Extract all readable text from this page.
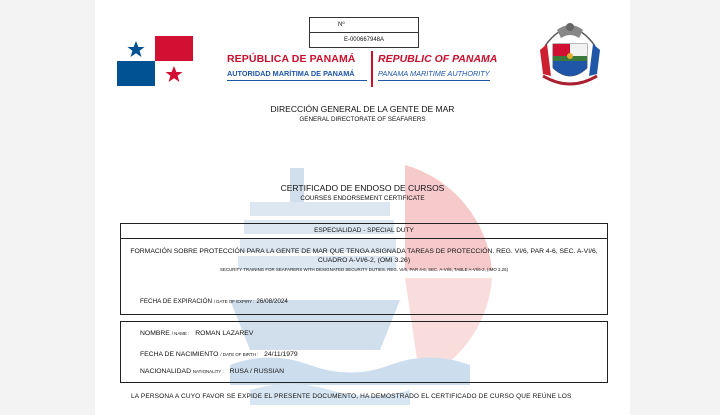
Nº
E-000667948A
REPÚBLICA DE PANAMÁ REPUBLIC OF PANAMA
AUTORIDAD MARÍTIMA DE PANAMÁ	PANAMA MARITIME AUTHORITY
DIRECCIÓN GENERAL DE LA GENTE DE MAR
GENERAL DIRECTORATE OF SEAFARERS
CERTIFICADO DE ENDOSO DE CURSOS
COURSES ENDORSEMENT CERTIFICATE
ESPECIALIDAD - SPECIAL DUTY
FORMACIÓN SOBRE PROTECCIÓN PARA LA GENTE DE MAR QUE TENGA ASIGNADA TAREAS DE PROTECCIÓN. REG. VI/6, PAR 4-6, SEC. A-VI/6, CUADRO A-VI/6-2, (OMI 3.26)
SECURITY TRAINING FOR SEAFARERS WITH DESIGNATED SECURITY DUTIES. REG. VI/6, PAR 4-6, SEC. A-VI/6, TABLE A-VI/6-2, (IMO 3.26)
FECHA DE EXPIRACIÓN / DATE OF EXPIRY : 26/08/2024
NOMBRE / NAME : ROMAN LAZAREV
FECHA DE NACIMIENTO / DATE OF BIRTH : 24/11/1979
NACIONALIDAD NATIONALITY : RUSA / RUSSIAN
LA PERSONA A CUYO FAVOR SE EXPIDE EL PRESENTE DOCUMENTO, HA DEMOSTRADO EL CERTIFICADO DE CURSO QUE REÚNE LOS
